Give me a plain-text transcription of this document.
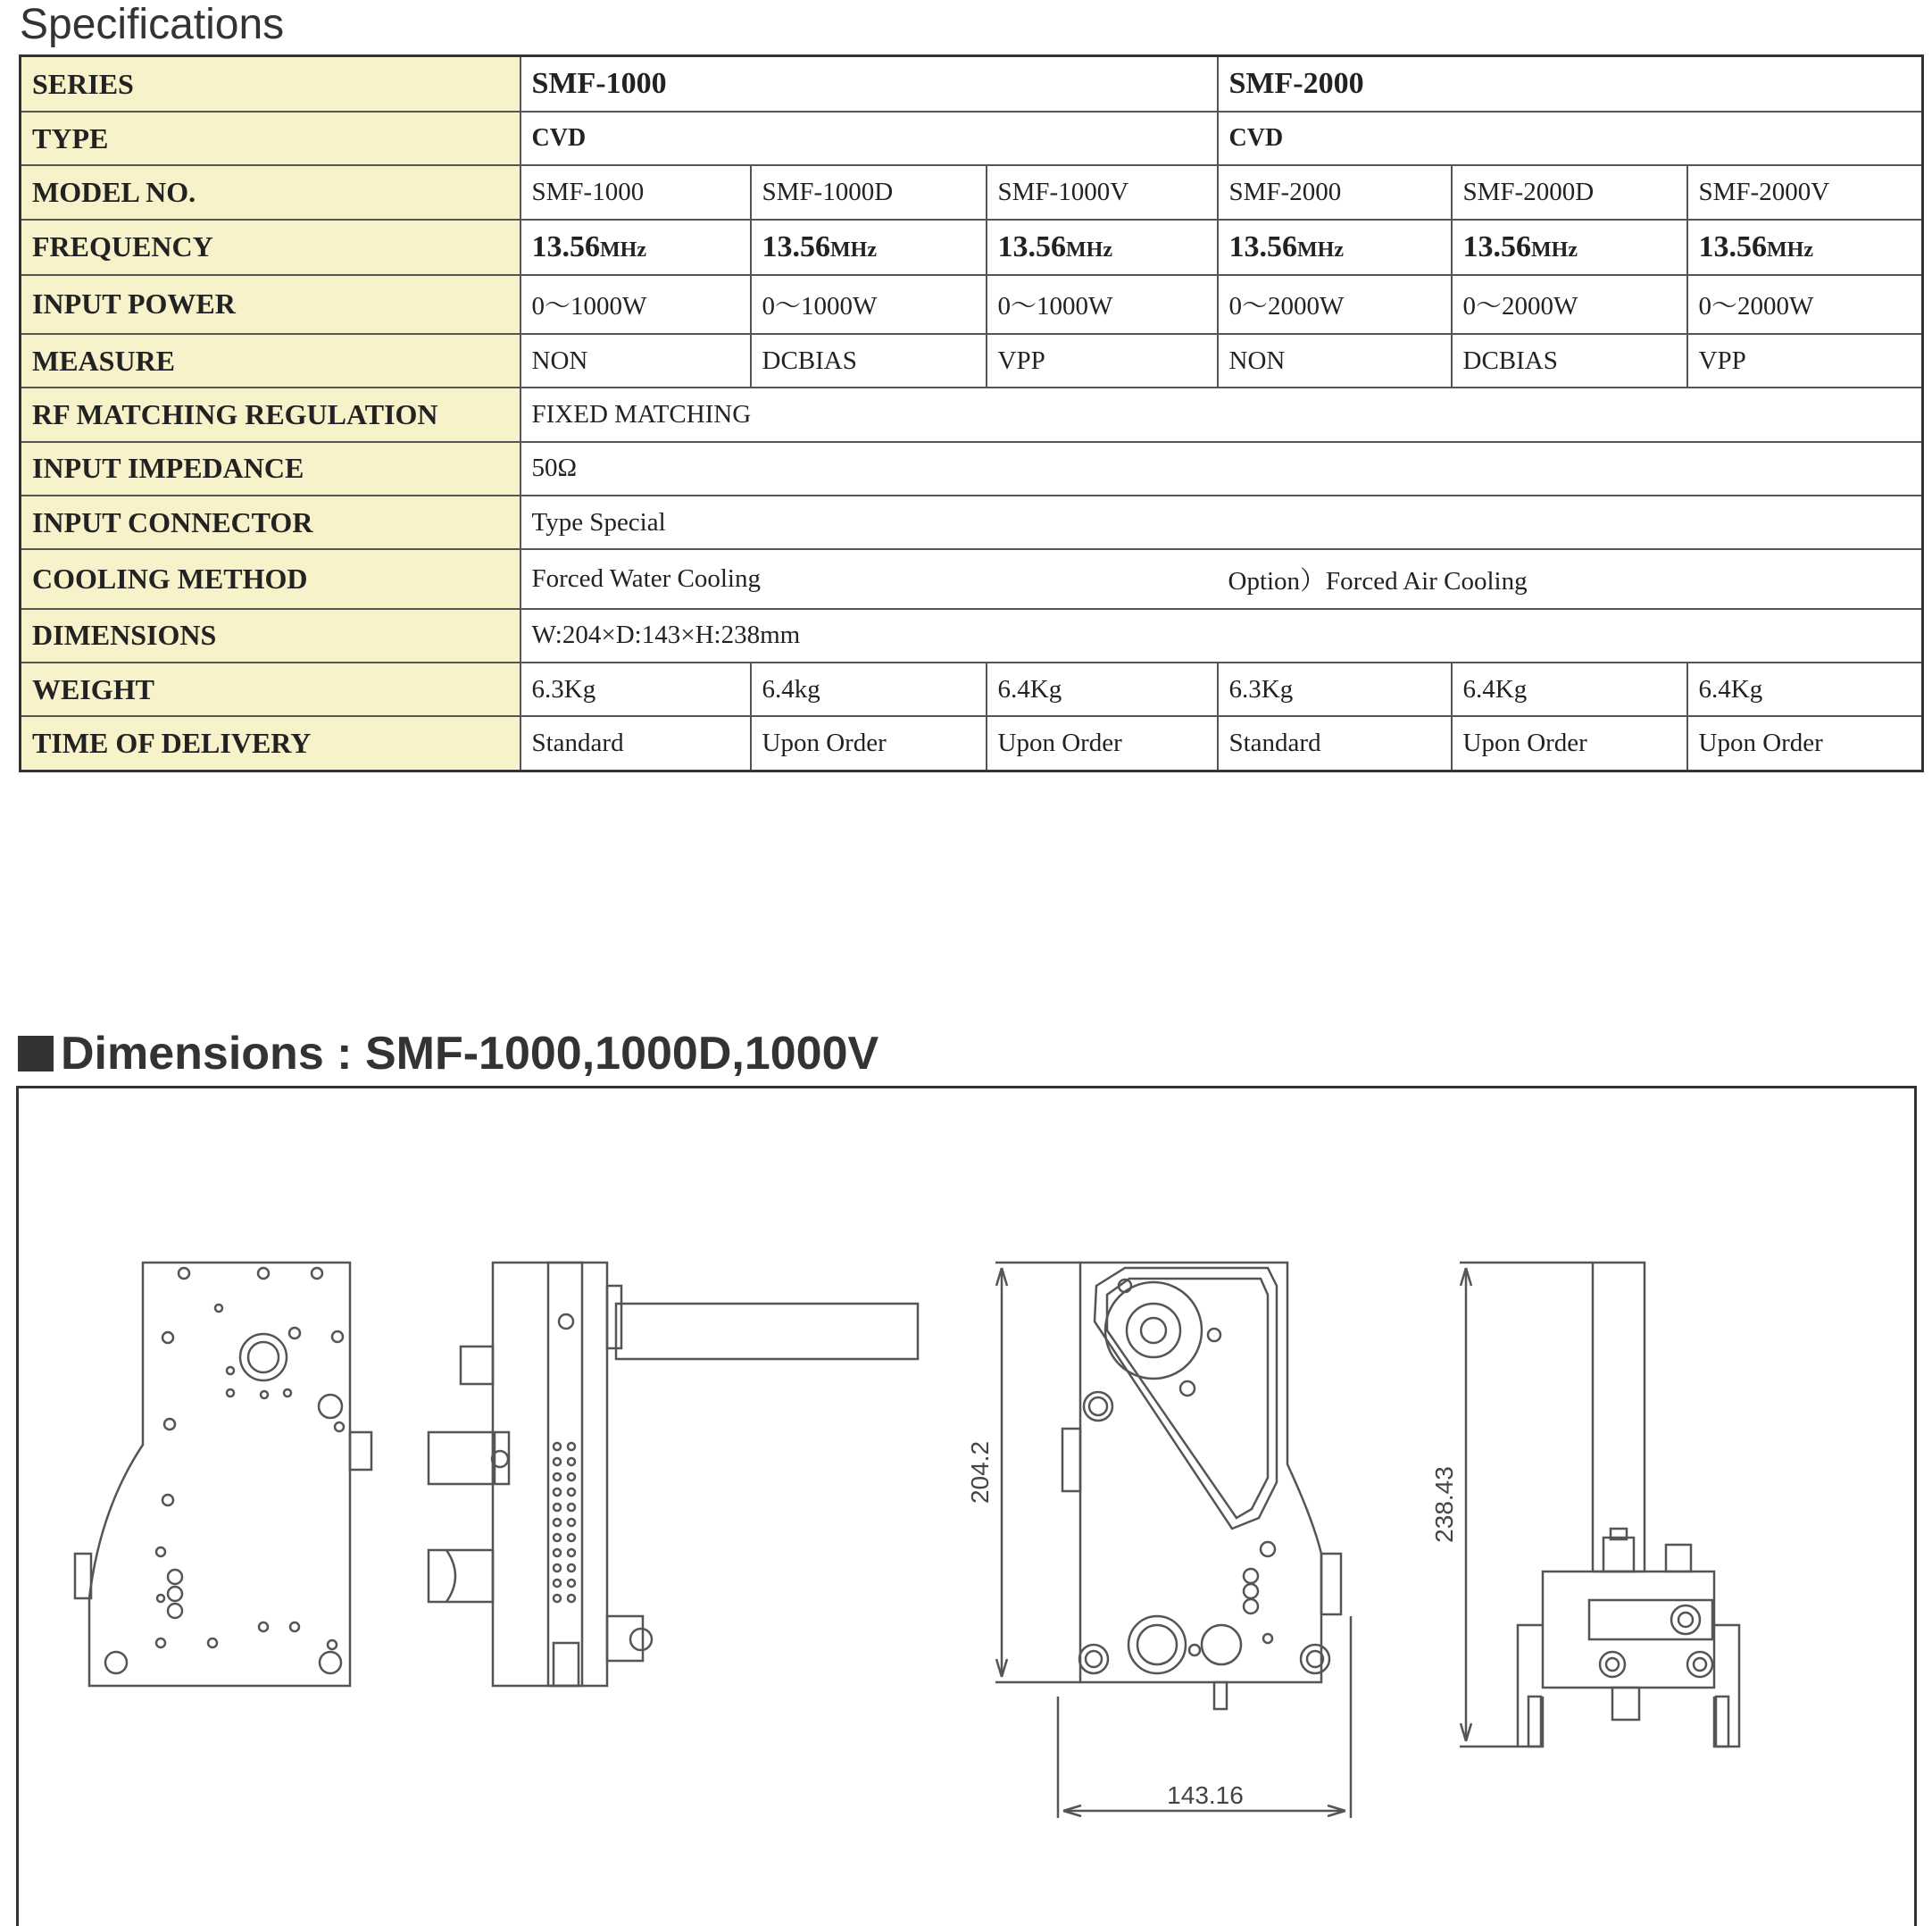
Specifications
SERIES	SMF-1000			SMF-2000		
TYPE	CVD			CVD		
MODEL NO.	SMF-1000	SMF-1000D	SMF-1000V	SMF-2000	SMF-2000D	SMF-2000V
FREQUENCY	13.56MHz	13.56MHz	13.56MHz	13.56MHz	13.56MHz	13.56MHz
INPUT POWER	0～1000W	0～1000W	0～1000W	0～2000W	0～2000W	0～2000W
MEASURE	NON	DCBIAS	VPP	NON	DCBIAS	VPP
RF MATCHING REGULATION	FIXED MATCHING					
INPUT IMPEDANCE	50Ω					
INPUT CONNECTOR	Type Special					
COOLING METHOD	Forced Water Cooling			Option）Forced Air Cooling		
DIMENSIONS	W:204×D:143×H:238mm					
WEIGHT	6.3Kg	6.4kg	6.4Kg	6.3Kg	6.4Kg	6.4Kg
TIME OF DELIVERY	Standard	Upon Order	Upon Order	Standard	Upon Order	Upon Order
Dimensions : SMF-1000,1000D,1000V
204.2
143.16
238.43
